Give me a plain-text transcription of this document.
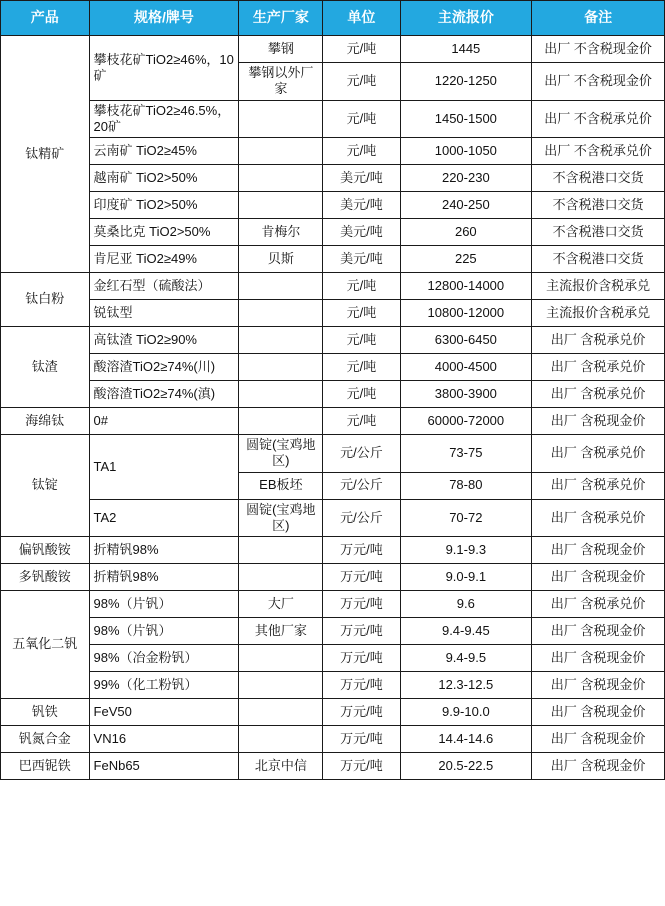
产品	规格/牌号	生产厂家	单位	主流报价	备注
钛精矿	攀枝花矿TiO2≥46%，10矿	攀钢	元/吨	1445	出厂 不含税现金价
		攀钢以外厂家	元/吨	1220-1250	出厂 不含税现金价
	攀枝花矿TiO2≥46.5%，20矿		元/吨	1450-1500	出厂 不含税承兑价
	云南矿 TiO2≥45%		元/吨	1000-1050	出厂 不含税承兑价
	越南矿 TiO2>50%		美元/吨	220-230	不含税港口交货
	印度矿 TiO2>50%		美元/吨	240-250	不含税港口交货
	莫桑比克 TiO2>50%	肯梅尔	美元/吨	260	不含税港口交货
	肯尼亚 TiO2≥49%	贝斯	美元/吨	225	不含税港口交货
钛白粉	金红石型（硫酸法）		元/吨	12800-14000	主流报价含税承兑
	锐钛型		元/吨	10800-12000	主流报价含税承兑
钛渣	高钛渣 TiO2≥90%		元/吨	6300-6450	出厂 含税承兑价
	酸溶渣TiO2≥74%(川)		元/吨	4000-4500	出厂 含税承兑价
	酸溶渣TiO2≥74%(滇)		元/吨	3800-3900	出厂 含税承兑价
海绵钛	0#		元/吨	60000-72000	出厂 含税现金价
钛锭	TA1	圆锭(宝鸡地区)	元/公斤	73-75	出厂 含税承兑价
		EB板坯	元/公斤	78-80	出厂 含税承兑价
	TA2	圆锭(宝鸡地区)	元/公斤	70-72	出厂 含税承兑价
偏钒酸铵	折精钒98%		万元/吨	9.1-9.3	出厂 含税现金价
多钒酸铵	折精钒98%		万元/吨	9.0-9.1	出厂 含税现金价
五氧化二钒	98%（片钒）	大厂	万元/吨	9.6	出厂 含税承兑价
	98%（片钒）	其他厂家	万元/吨	9.4-9.45	出厂 含税现金价
	98%（冶金粉钒）		万元/吨	9.4-9.5	出厂 含税现金价
	99%（化工粉钒）		万元/吨	12.3-12.5	出厂 含税现金价
钒铁	FeV50		万元/吨	9.9-10.0	出厂 含税现金价
钒氮合金	VN16		万元/吨	14.4-14.6	出厂 含税现金价
巴西铌铁	FeNb65	北京中信	万元/吨	20.5-22.5	出厂 含税现金价
